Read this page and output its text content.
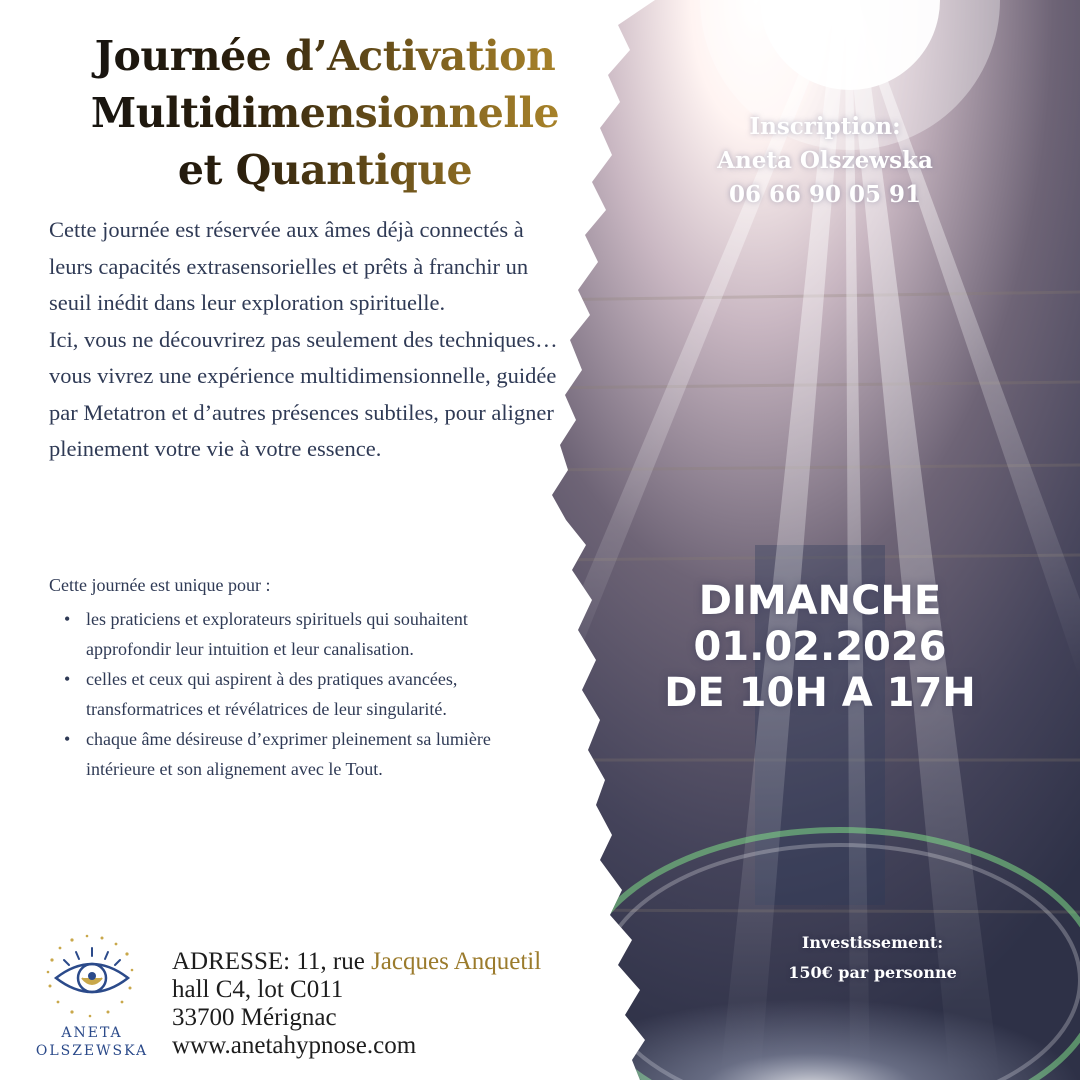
Journée d’Activation
Multidimensionnelle
et Quantique

Cette journée est réservée aux âmes déjà connectés à leurs capacités extrasensorielles et prêts à franchir un seuil inédit dans leur exploration spirituelle.

Ici, vous ne découvrirez pas seulement des techniques… vous vivrez une expérience multidimensionnelle, guidée par Metatron et d’autres présences subtiles, pour aligner pleinement votre vie à votre essence.

Cette journée est unique pour :

• les praticiens et explorateurs spirituels qui souhaitent approfondir leur intuition et leur canalisation.
• celles et ceux qui aspirent à des pratiques avancées, transformatrices et révélatrices de leur singularité.
• chaque âme désireuse d’exprimer pleinement sa lumière intérieure et son alignement avec le Tout.
ANETA
OLSZEWSKA
ADRESSE: 11, rue Jacques Anquetil
hall C4, lot C011
33700 Mérignac
www.anetahypnose.com
Inscription:
Aneta Olszewska
06 66 90 05 91
DIMANCHE
01.02.2026
DE 10H A 17H
Investissement:
150€ par personne
